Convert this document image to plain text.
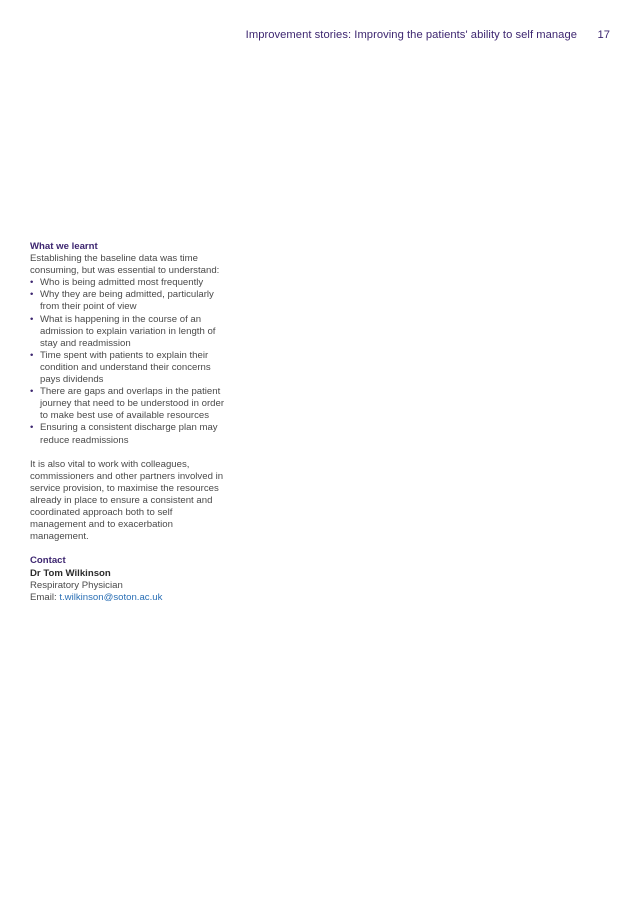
Improvement stories: Improving the patients' ability to self manage 17
What we learnt

Establishing the baseline data was time consuming, but was essential to understand:

• Who is being admitted most frequently
• Why they are being admitted, particularly from their point of view
• What is happening in the course of an admission to explain variation in length of stay and readmission
• Time spent with patients to explain their condition and understand their concerns pays dividends
• There are gaps and overlaps in the patient journey that need to be understood in order to make best use of available resources
• Ensuring a consistent discharge plan may reduce readmissions

It is also vital to work with colleagues, commissioners and other partners involved in service provision, to maximise the resources already in place to ensure a consistent and coordinated approach both to self management and to exacerbation management.

Contact
Dr Tom Wilkinson
Respiratory Physician
Email: t.wilkinson@soton.ac.uk
